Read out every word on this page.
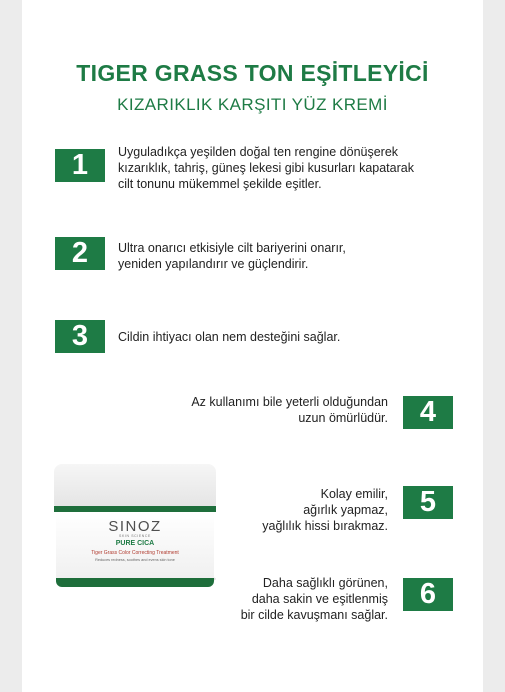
TIGER GRASS TON EŞİTLEYİCİ
KIZARIKLIK KARŞITI YÜZ KREMİ
1	Uyguladıkça yeşilden doğal ten rengine dönüşerek
kızarıklık, tahriş, güneş lekesi gibi kusurları kapatarak
cilt tonunu mükemmel şekilde eşitler.
2	Ultra onarıcı etkisiyle cilt bariyerini onarır,
yeniden yapılandırır ve güçlendirir.
3	Cildin ihtiyacı olan nem desteğini sağlar.
Az kullanımı bile yeterli olduğundan
uzun ömürlüdür.	4
SINOZ
SKIN SCIENCE
PURE CICA
Tiger Grass Color Correcting Treatment
Reduces redness, soothes and evens skin tone
Kolay emilir,
ağırlık yapmaz,
yağlılık hissi bırakmaz.
5
Daha sağlıklı görünen,
daha sakin ve eşitlenmiş
bir cilde kavuşmanı sağlar.
6
